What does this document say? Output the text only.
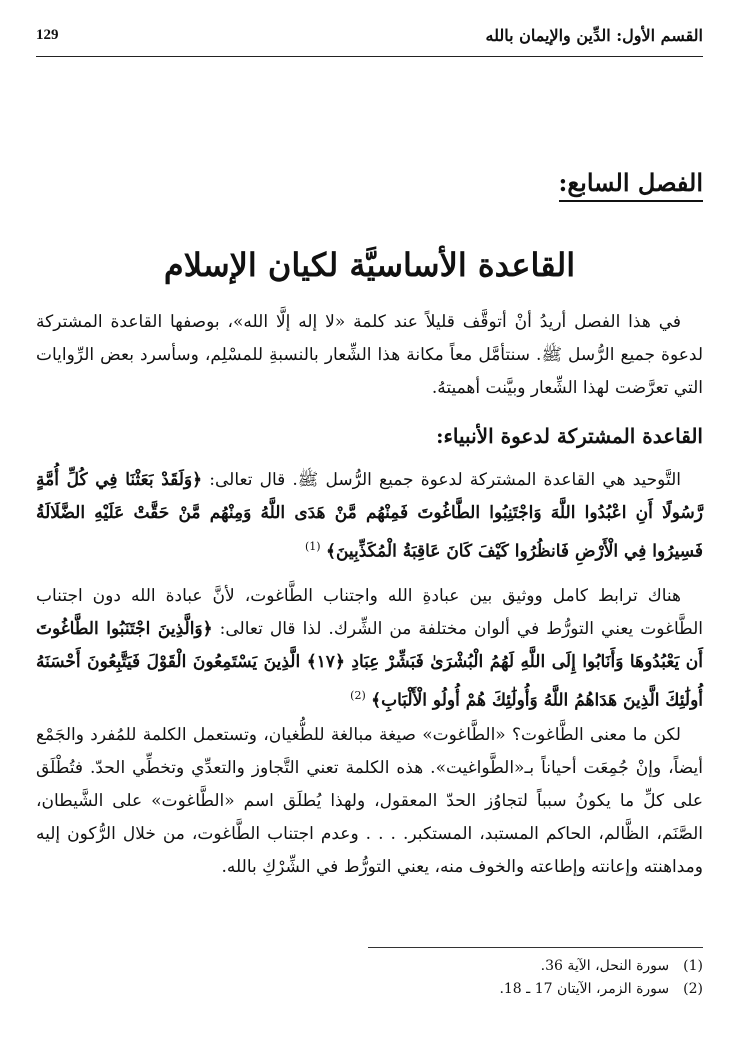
القسم الأول: الدِّين والإيمان بالله
129
الفصل السابع:
القاعدة الأساسيَّة لكيان الإسلام

في هذا الفصل أريدُ أنْ أتوقَّف قليلاً عند كلمة «لا إله إلَّا الله»، بوصفها القاعدة المشتركة لدعوة جميع الرُّسل ﷺ. سنتأمَّل معاً مكانة هذا الشِّعار بالنسبةِ للمسْلِم، وسأسرد بعض الرِّوايات التي تعرَّضت لهذا الشِّعار وبيَّنت أهميتهُ.

القاعدة المشتركة لدعوة الأنبياء:

التَّوحيد هي القاعدة المشتركة لدعوة جميع الرُّسل ﷺ. قال تعالى: ﴿وَلَقَدْ بَعَثْنَا فِي كُلِّ أُمَّةٍ رَّسُولًا أَنِ اعْبُدُوا اللَّهَ وَاجْتَنِبُوا الطَّاغُوتَ فَمِنْهُم مَّنْ هَدَى اللَّهُ وَمِنْهُم مَّنْ حَقَّتْ عَلَيْهِ الضَّلَالَةُ فَسِيرُوا فِي الْأَرْضِ فَانظُرُوا كَيْفَ كَانَ عَاقِبَةُ الْمُكَذِّبِينَ﴾ $^{(1)}$

هناك ترابط كامل ووثيق بين عبادةِ الله واجتناب الطَّاغوت، لأنَّ عبادة الله دون اجتناب الطَّاغوت يعني التورُّط في ألوان مختلفة من الشِّرك. لذا قال تعالى: ﴿وَالَّذِينَ اجْتَنَبُوا الطَّاغُوتَ أَن يَعْبُدُوهَا وَأَنَابُوا إِلَى اللَّهِ لَهُمُ الْبُشْرَىٰ فَبَشِّرْ عِبَادِ ﴿١٧﴾ الَّذِينَ يَسْتَمِعُونَ الْقَوْلَ فَيَتَّبِعُونَ أَحْسَنَهُ أُولَٰئِكَ الَّذِينَ هَدَاهُمُ اللَّهُ وَأُولَٰئِكَ هُمْ أُولُو الْأَلْبَابِ﴾ $^{(2)}$

لكن ما معنى الطَّاغوت؟ «الطَّاغوت» صيغة مبالغة للطُّغيان، وتستعمل الكلمة للمُفرد والجَمْع أيضاً، وإنْ جُمِعَت أحياناً بـ«الطَّواغيت». هذه الكلمة تعني التَّجاوز والتعدِّي وتخطِّي الحدّ. فتُطْلَق على كلِّ ما يكونُ سبباً لتجاوُز الحدّ المعقول، ولهذا يُطلَق اسم «الطَّاغوت» على الشَّيطان، الصَّنَم، الظَّالم، الحاكم المستبد، المستكبر. . . . وعدم اجتناب الطَّاغوت، من خلال الرُّكون إليه ومداهنته وإعانته وإطاعته والخوف منه، يعني التورُّط في الشِّرْكِ بالله.

(1)سورة النحل، الآية 36.
(2)سورة الزمر، الآيتان 17 ـ 18.
